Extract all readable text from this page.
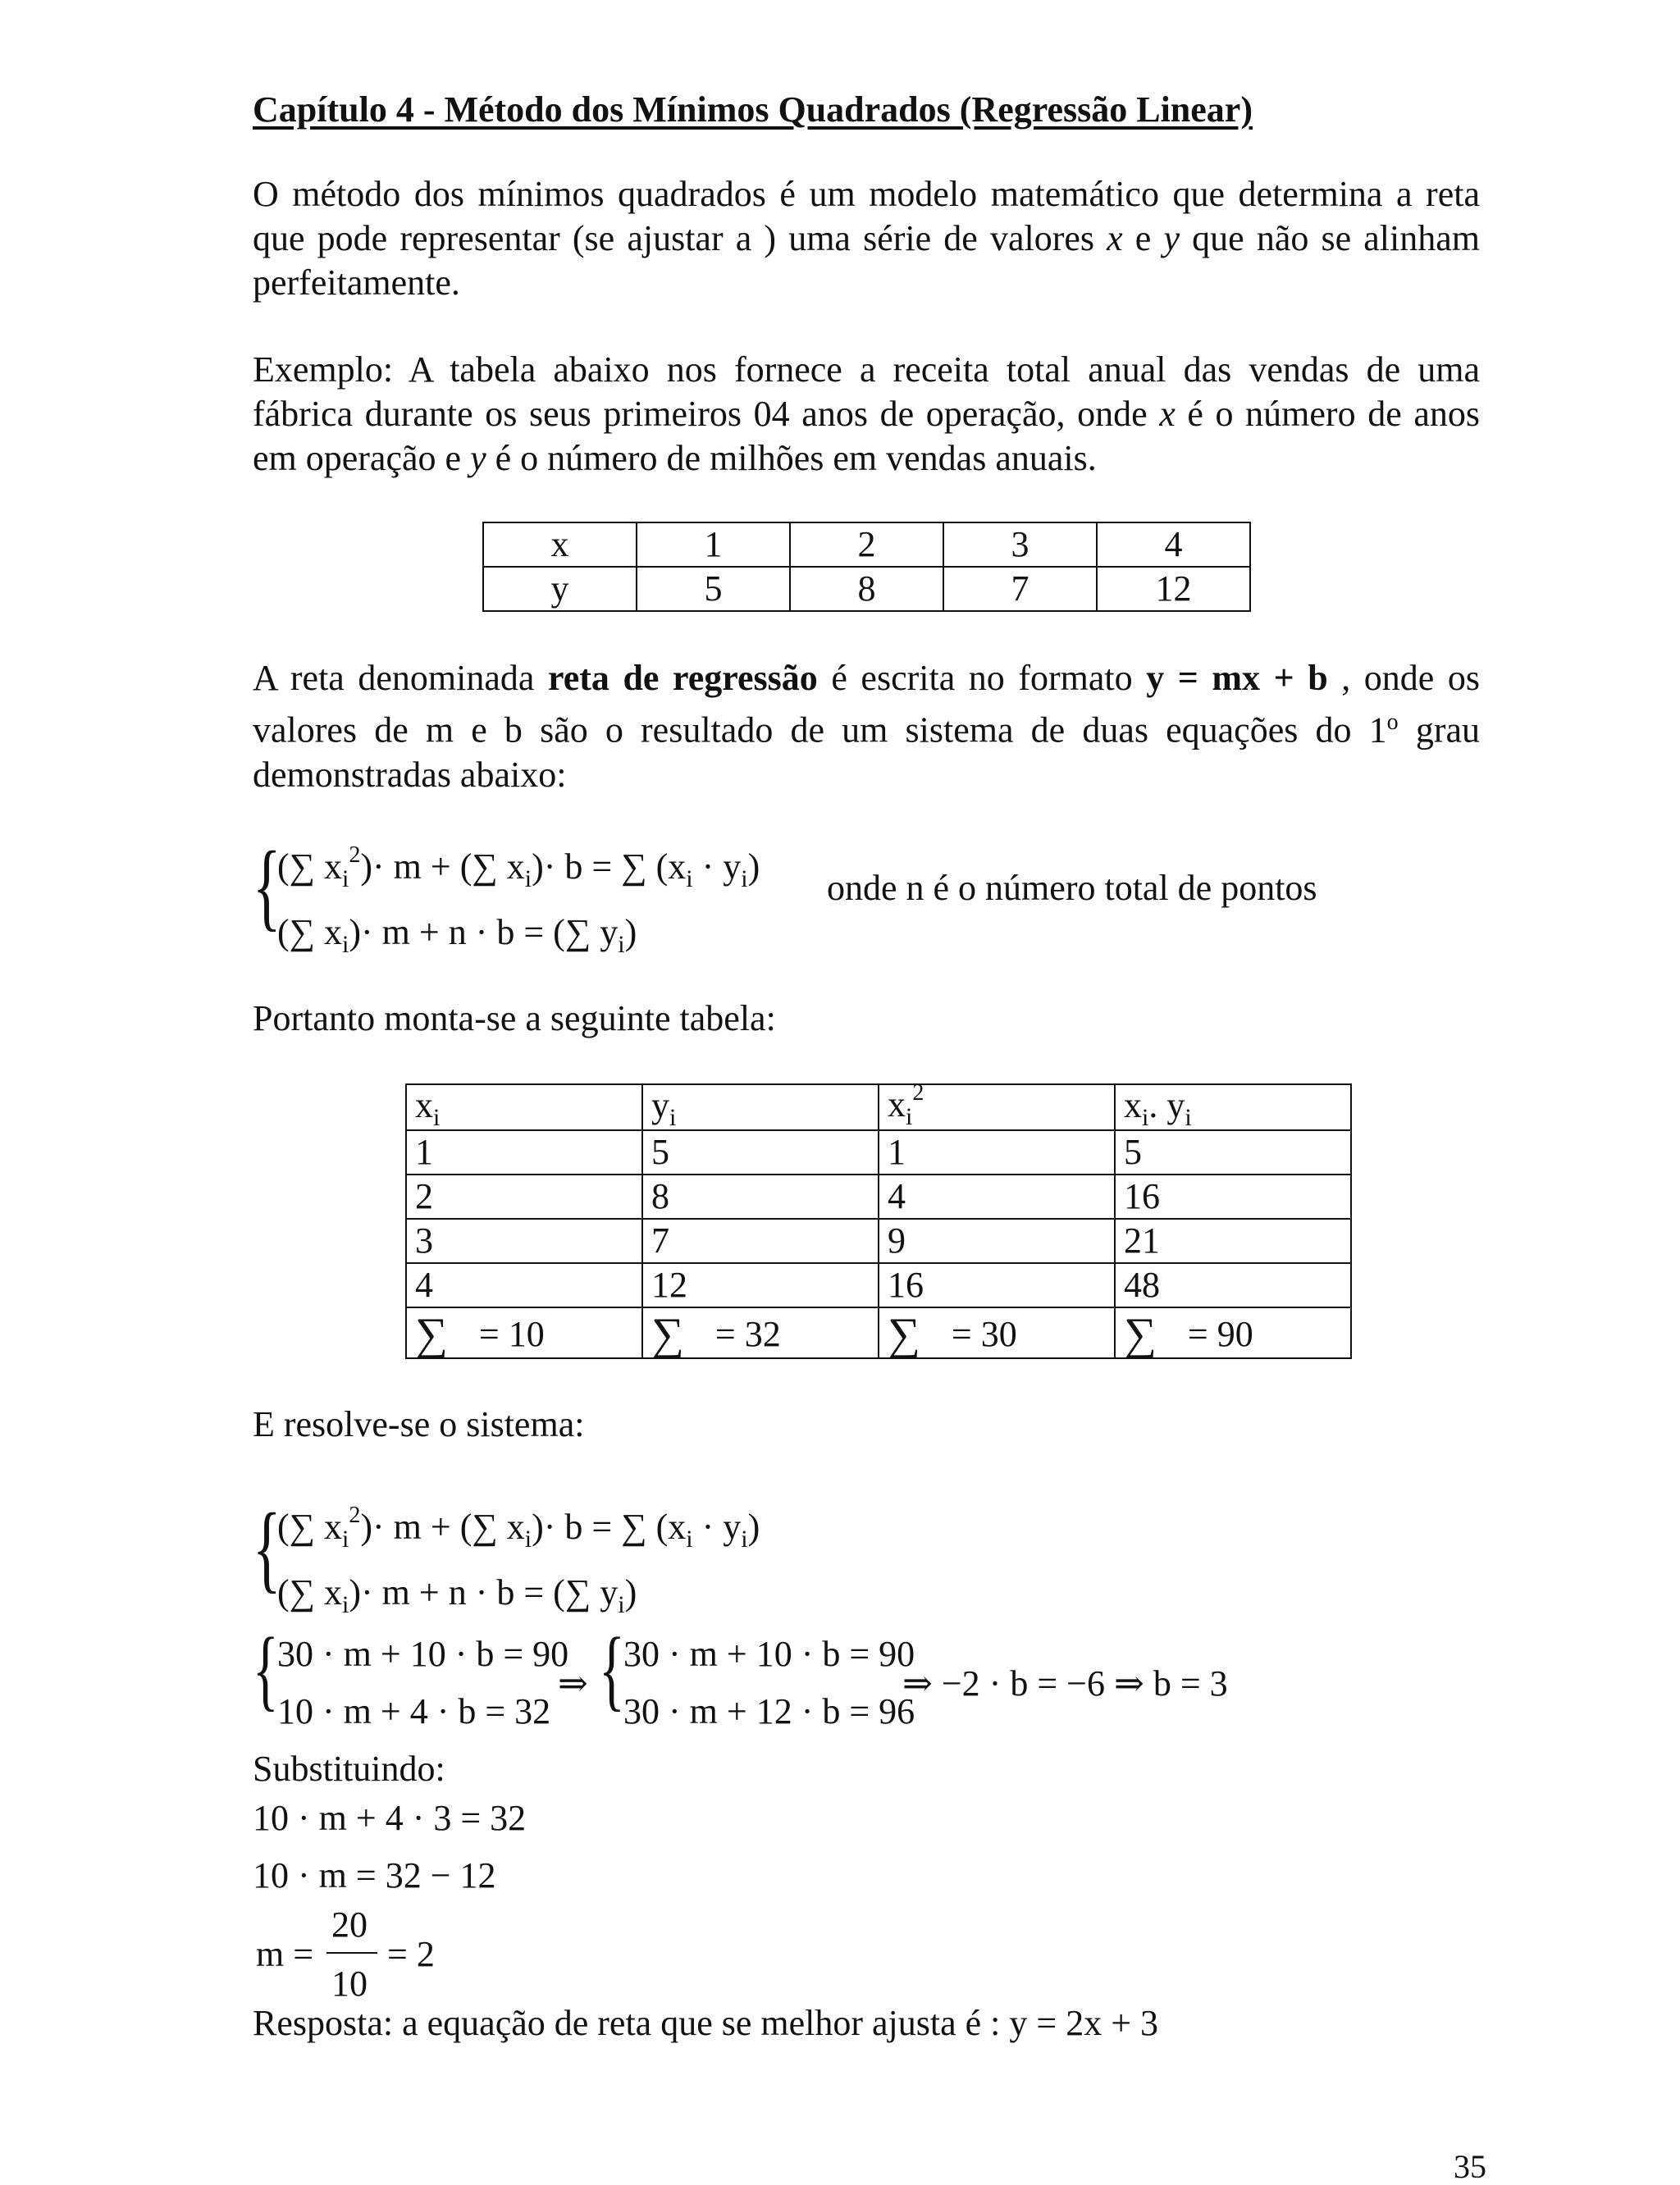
Capítulo 4 - Método dos Mínimos Quadrados (Regressão Linear)
O método dos mínimos quadrados é um modelo matemático que determina a reta que pode representar (se ajustar a ) uma série de valores x e y que não se alinham perfeitamente.
Exemplo: A tabela abaixo nos fornece a receita total anual das vendas de uma fábrica durante os seus primeiros 04 anos de operação, onde x é o número de anos em operação e y é o número de milhões em vendas anuais.
x	1	2	3	4
y	5	8	7	12
A reta denominada reta de regressão é escrita no formato y = mx + b , onde os valores de m e b são o resultado de um sistema de duas equações do 1$^o$ grau demonstradas abaixo:
{
(∑ $x_i^2)\cdot m$ + (∑ $x_i)\cdot b$ = ∑ $(x_i \cdot y_i)$
(∑ $x_i)\cdot m + n \cdot b$ = (∑ $y_i$)
onde n é o número total de pontos
Portanto monta-se a seguinte tabela:
$x_i$	$y_i$	$x_i^2$	$x_i$. $y_i$
1	5	1	5
2	8	4	16
3	7	9	21
4	12	16	48
∑ = 10	∑ = 32	∑ = 30	∑ = 90
E resolve-se o sistema:
{
(∑ $x_i^2)\cdot m$ + (∑ $x_i)\cdot b$ = ∑ $(x_i \cdot y_i)$
(∑ $x_i)\cdot m + n \cdot b$ = (∑ $y_i$)
{
30 · m + 10 · b = 90
10 · m + 4 · b = 32
⇒ {
30 · m + 10 · b = 90
30 · m + 12 · b = 96
⇒ −2 · b = −6 ⇒ b = 3
Substituindo:
10 · m + 4 · 3 = 32
10 · m = 32 − 12
m =
20
10
= 2
Resposta: a equação de reta que se melhor ajusta é : y = 2x + 3
35
